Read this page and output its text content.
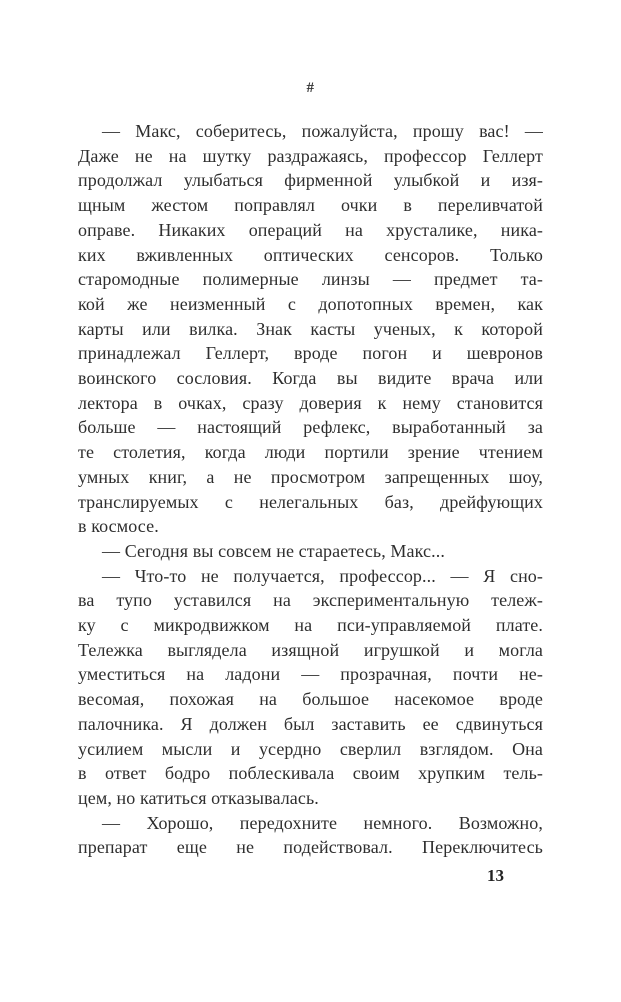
#
— Макс, соберитесь, пожалуйста, прошу вас! —
Даже не на шутку раздражаясь, профессор Геллерт
продолжал улыбаться фирменной улыбкой и изя-
щным жестом поправлял очки в переливчатой
оправе. Никаких операций на хрусталике, ника-
ких вживленных оптических сенсоров. Только
старомодные полимерные линзы — предмет та-
кой же неизменный с допотопных времен, как
карты или вилка. Знак касты ученых, к которой
принадлежал Геллерт, вроде погон и шевронов
воинского сословия. Когда вы видите врача или
лектора в очках, сразу доверия к нему становится
больше — настоящий рефлекс, выработанный за
те столетия, когда люди портили зрение чтением
умных книг, а не просмотром запрещенных шоу,
транслируемых с нелегальных баз, дрейфующих
в космосе.
— Сегодня вы совсем не стараетесь, Макс...
— Что-то не получается, профессор... — Я сно-
ва тупо уставился на экспериментальную тележ-
ку с микродвижком на пси-управляемой плате.
Тележка выглядела изящной игрушкой и могла
уместиться на ладони — прозрачная, почти не-
весомая, похожая на большое насекомое вроде
палочника. Я должен был заставить ее сдвинуться
усилием мысли и усердно сверлил взглядом. Она
в ответ бодро поблескивала своим хрупким тель-
цем, но катиться отказывалась.
— Хорошо, передохните немного. Возможно,
препарат еще не подействовал. Переключитесь
13
